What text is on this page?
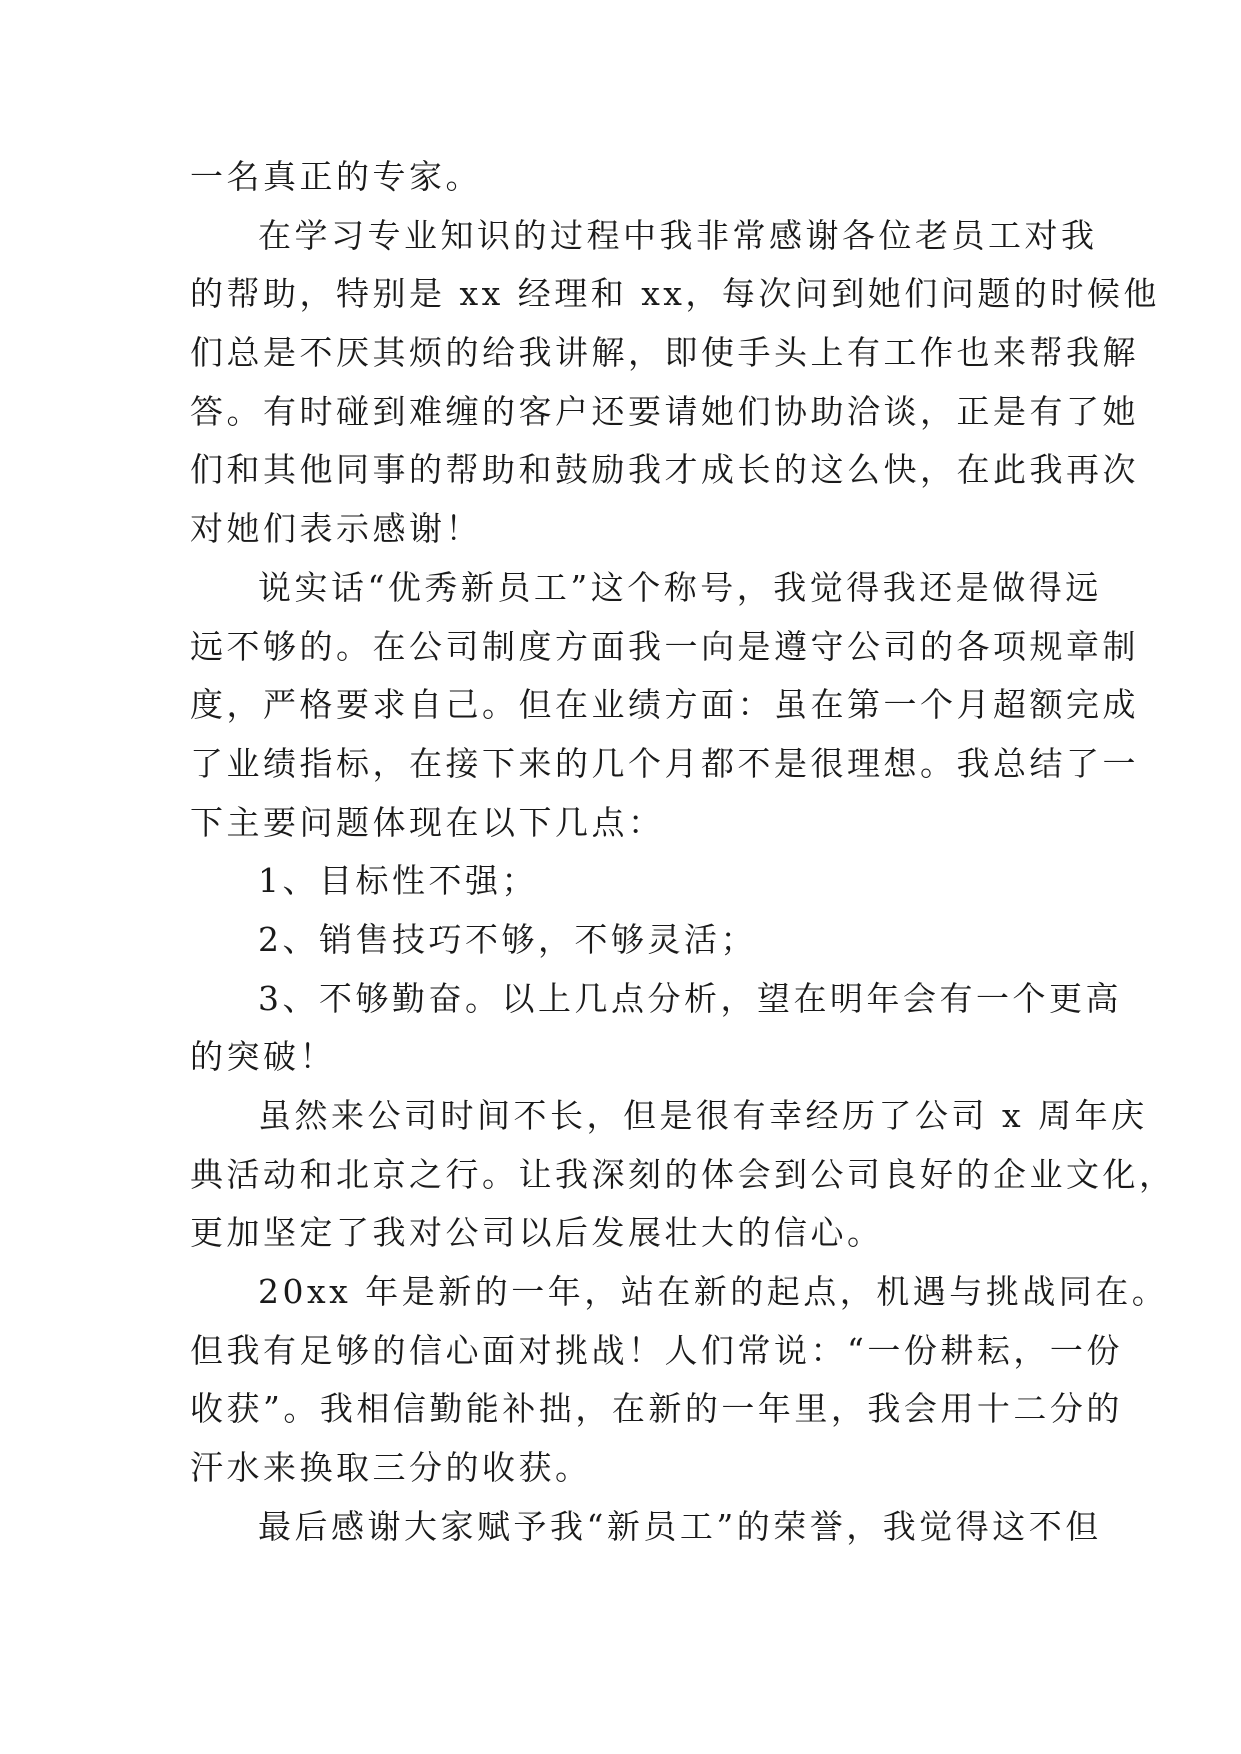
一名真正的专家。
在学习专业知识的过程中我非常感谢各位老员工对我
的帮助，特别是 xx 经理和 xx，每次问到她们问题的时候他
们总是不厌其烦的给我讲解，即使手头上有工作也来帮我解
答。有时碰到难缠的客户还要请她们协助洽谈，正是有了她
们和其他同事的帮助和鼓励我才成长的这么快，在此我再次
对她们表示感谢！
说实话“优秀新员工”这个称号，我觉得我还是做得远
远不够的。在公司制度方面我一向是遵守公司的各项规章制
度，严格要求自己。但在业绩方面：虽在第一个月超额完成
了业绩指标，在接下来的几个月都不是很理想。我总结了一
下主要问题体现在以下几点：
1、目标性不强；
2、销售技巧不够，不够灵活；
3、不够勤奋。以上几点分析，望在明年会有一个更高
的突破！
虽然来公司时间不长，但是很有幸经历了公司 x 周年庆
典活动和北京之行。让我深刻的体会到公司良好的企业文化，
更加坚定了我对公司以后发展壮大的信心。
20xx 年是新的一年，站在新的起点，机遇与挑战同在。
但我有足够的信心面对挑战！人们常说：“一份耕耘，一份
收获”。我相信勤能补拙，在新的一年里，我会用十二分的
汗水来换取三分的收获。
最后感谢大家赋予我“新员工”的荣誉，我觉得这不但
